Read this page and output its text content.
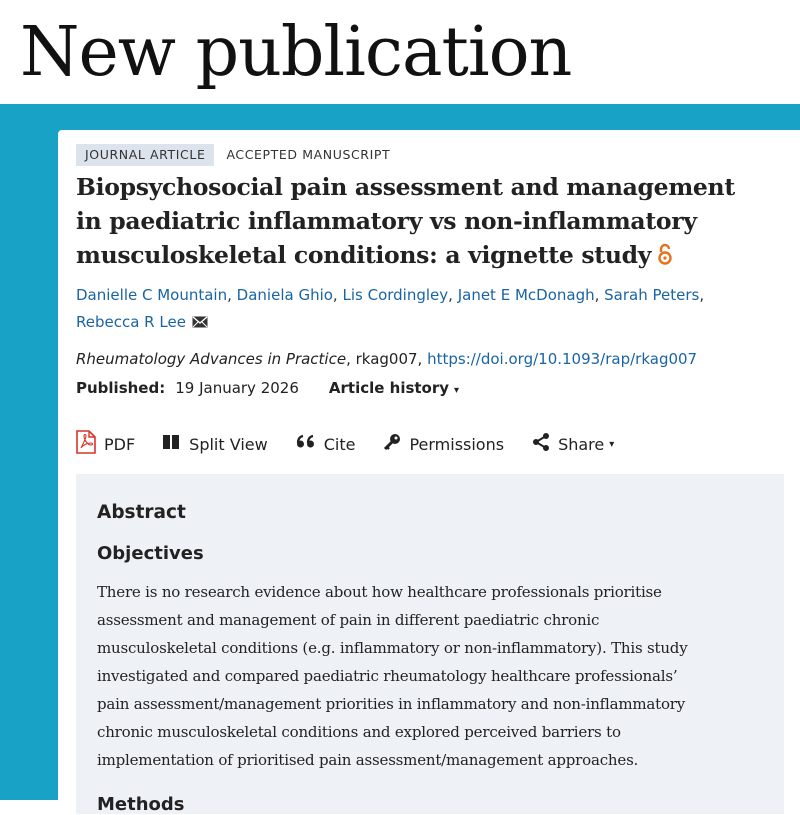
New publication
JOURNAL ARTICLE	ACCEPTED MANUSCRIPT
Biopsychosocial pain assessment and management
in paediatric inflammatory vs non-inflammatory
musculoskeletal conditions: a vignette study
Danielle C Mountain, Daniela Ghio, Lis Cordingley, Janet E McDonagh, Sarah Peters,
Rebecca R Lee
Rheumatology Advances in Practice, rkag007, https://doi.org/10.1093/rap/rkag007
Published: 19 January 2026 Article history ▾
PDF	Split View	Cite	Permissions	Share ▾
Abstract
Objectives
There is no research evidence about how healthcare professionals prioritise
assessment and management of pain in different paediatric chronic
musculoskeletal conditions (e.g. inflammatory or non-inflammatory). This study
investigated and compared paediatric rheumatology healthcare professionals’
pain assessment/management priorities in inflammatory and non-inflammatory
chronic musculoskeletal conditions and explored perceived barriers to
implementation of prioritised pain assessment/management approaches.
Methods
